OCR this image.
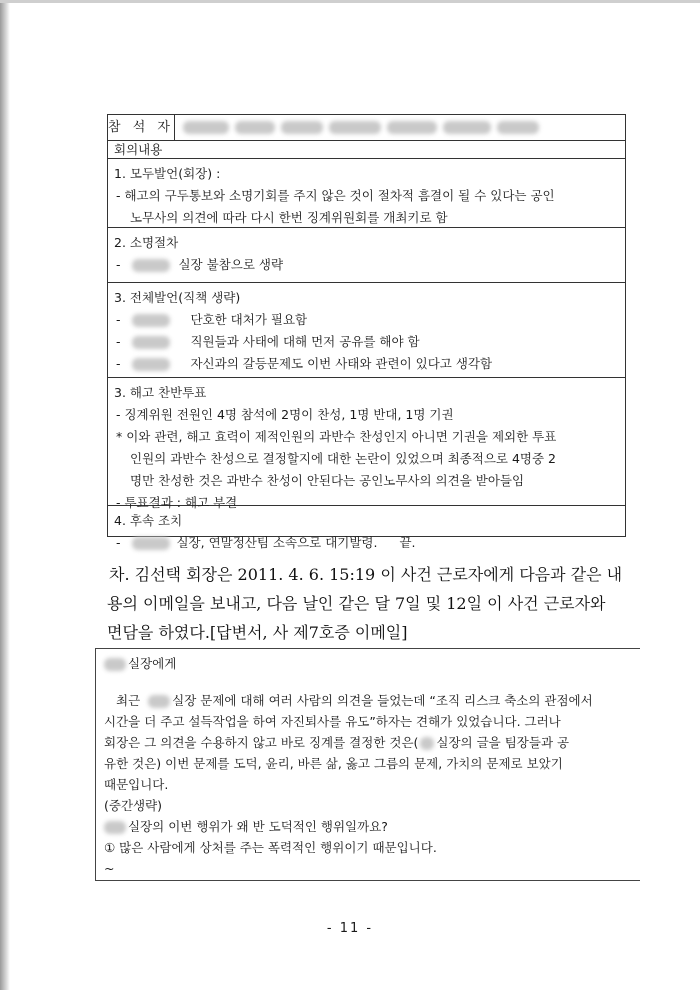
참 석 자
회의내용
1. 모두발언(회장) :
- 해고의 구두통보와 소명기회를 주지 않은 것이 절차적 흠결이 될 수 있다는 공인
노무사의 의견에 따라 다시 한번 징계위원회를 개최키로 함
2. 소명절차
-	실장 불참으로 생략
3. 전체발언(직책 생략)
-	단호한 대처가 필요함
-	직원들과 사태에 대해 먼저 공유를 해야 함
-	자신과의 갈등문제도 이번 사태와 관련이 있다고 생각함
3. 해고 찬반투표
- 징계위원 전원인 4명 참석에 2명이 찬성, 1명 반대, 1명 기권
* 이와 관련, 해고 효력이 제적인원의 과반수 찬성인지 아니면 기권을 제외한 투표
인원의 과반수 찬성으로 결정할지에 대한 논란이 있었으며 최종적으로 4명중 2
명만 찬성한 것은 과반수 찬성이 안된다는 공인노무사의 의견을 받아들임
- 투표결과 : 해고 부결
4. 후속 조치
-	실장, 연말정산팀 소속으로 대기발령. 끝.
차. 김선택 회장은 2011. 4. 6. 15:19 이 사건 근로자에게 다음과 같은 내
용의 이메일을 보내고, 다음 날인 같은 달 7일 및 12일 이 사건 근로자와
면담을 하였다.[답변서, 사 제7호증 이메일]
실장에게
최근	실장 문제에 대해 여러 사람의 의견을 들었는데 “조직 리스크 축소의 관점에서
시간을 더 주고 설득작업을 하여 자진퇴사를 유도”하자는 견해가 있었습니다. 그러나
회장은 그 의견을 수용하지 않고 바로 징계를 결정한 것은( 실장의 글을 팀장들과 공
유한 것은) 이번 문제를 도덕, 윤리, 바른 삶, 옳고 그름의 문제, 가치의 문제로 보았기
때문입니다.
(중간생략)
실장의 이번 행위가 왜 반 도덕적인 행위일까요?
① 많은 사람에게 상처를 주는 폭력적인 행위이기 때문입니다.
~
- 11 -
